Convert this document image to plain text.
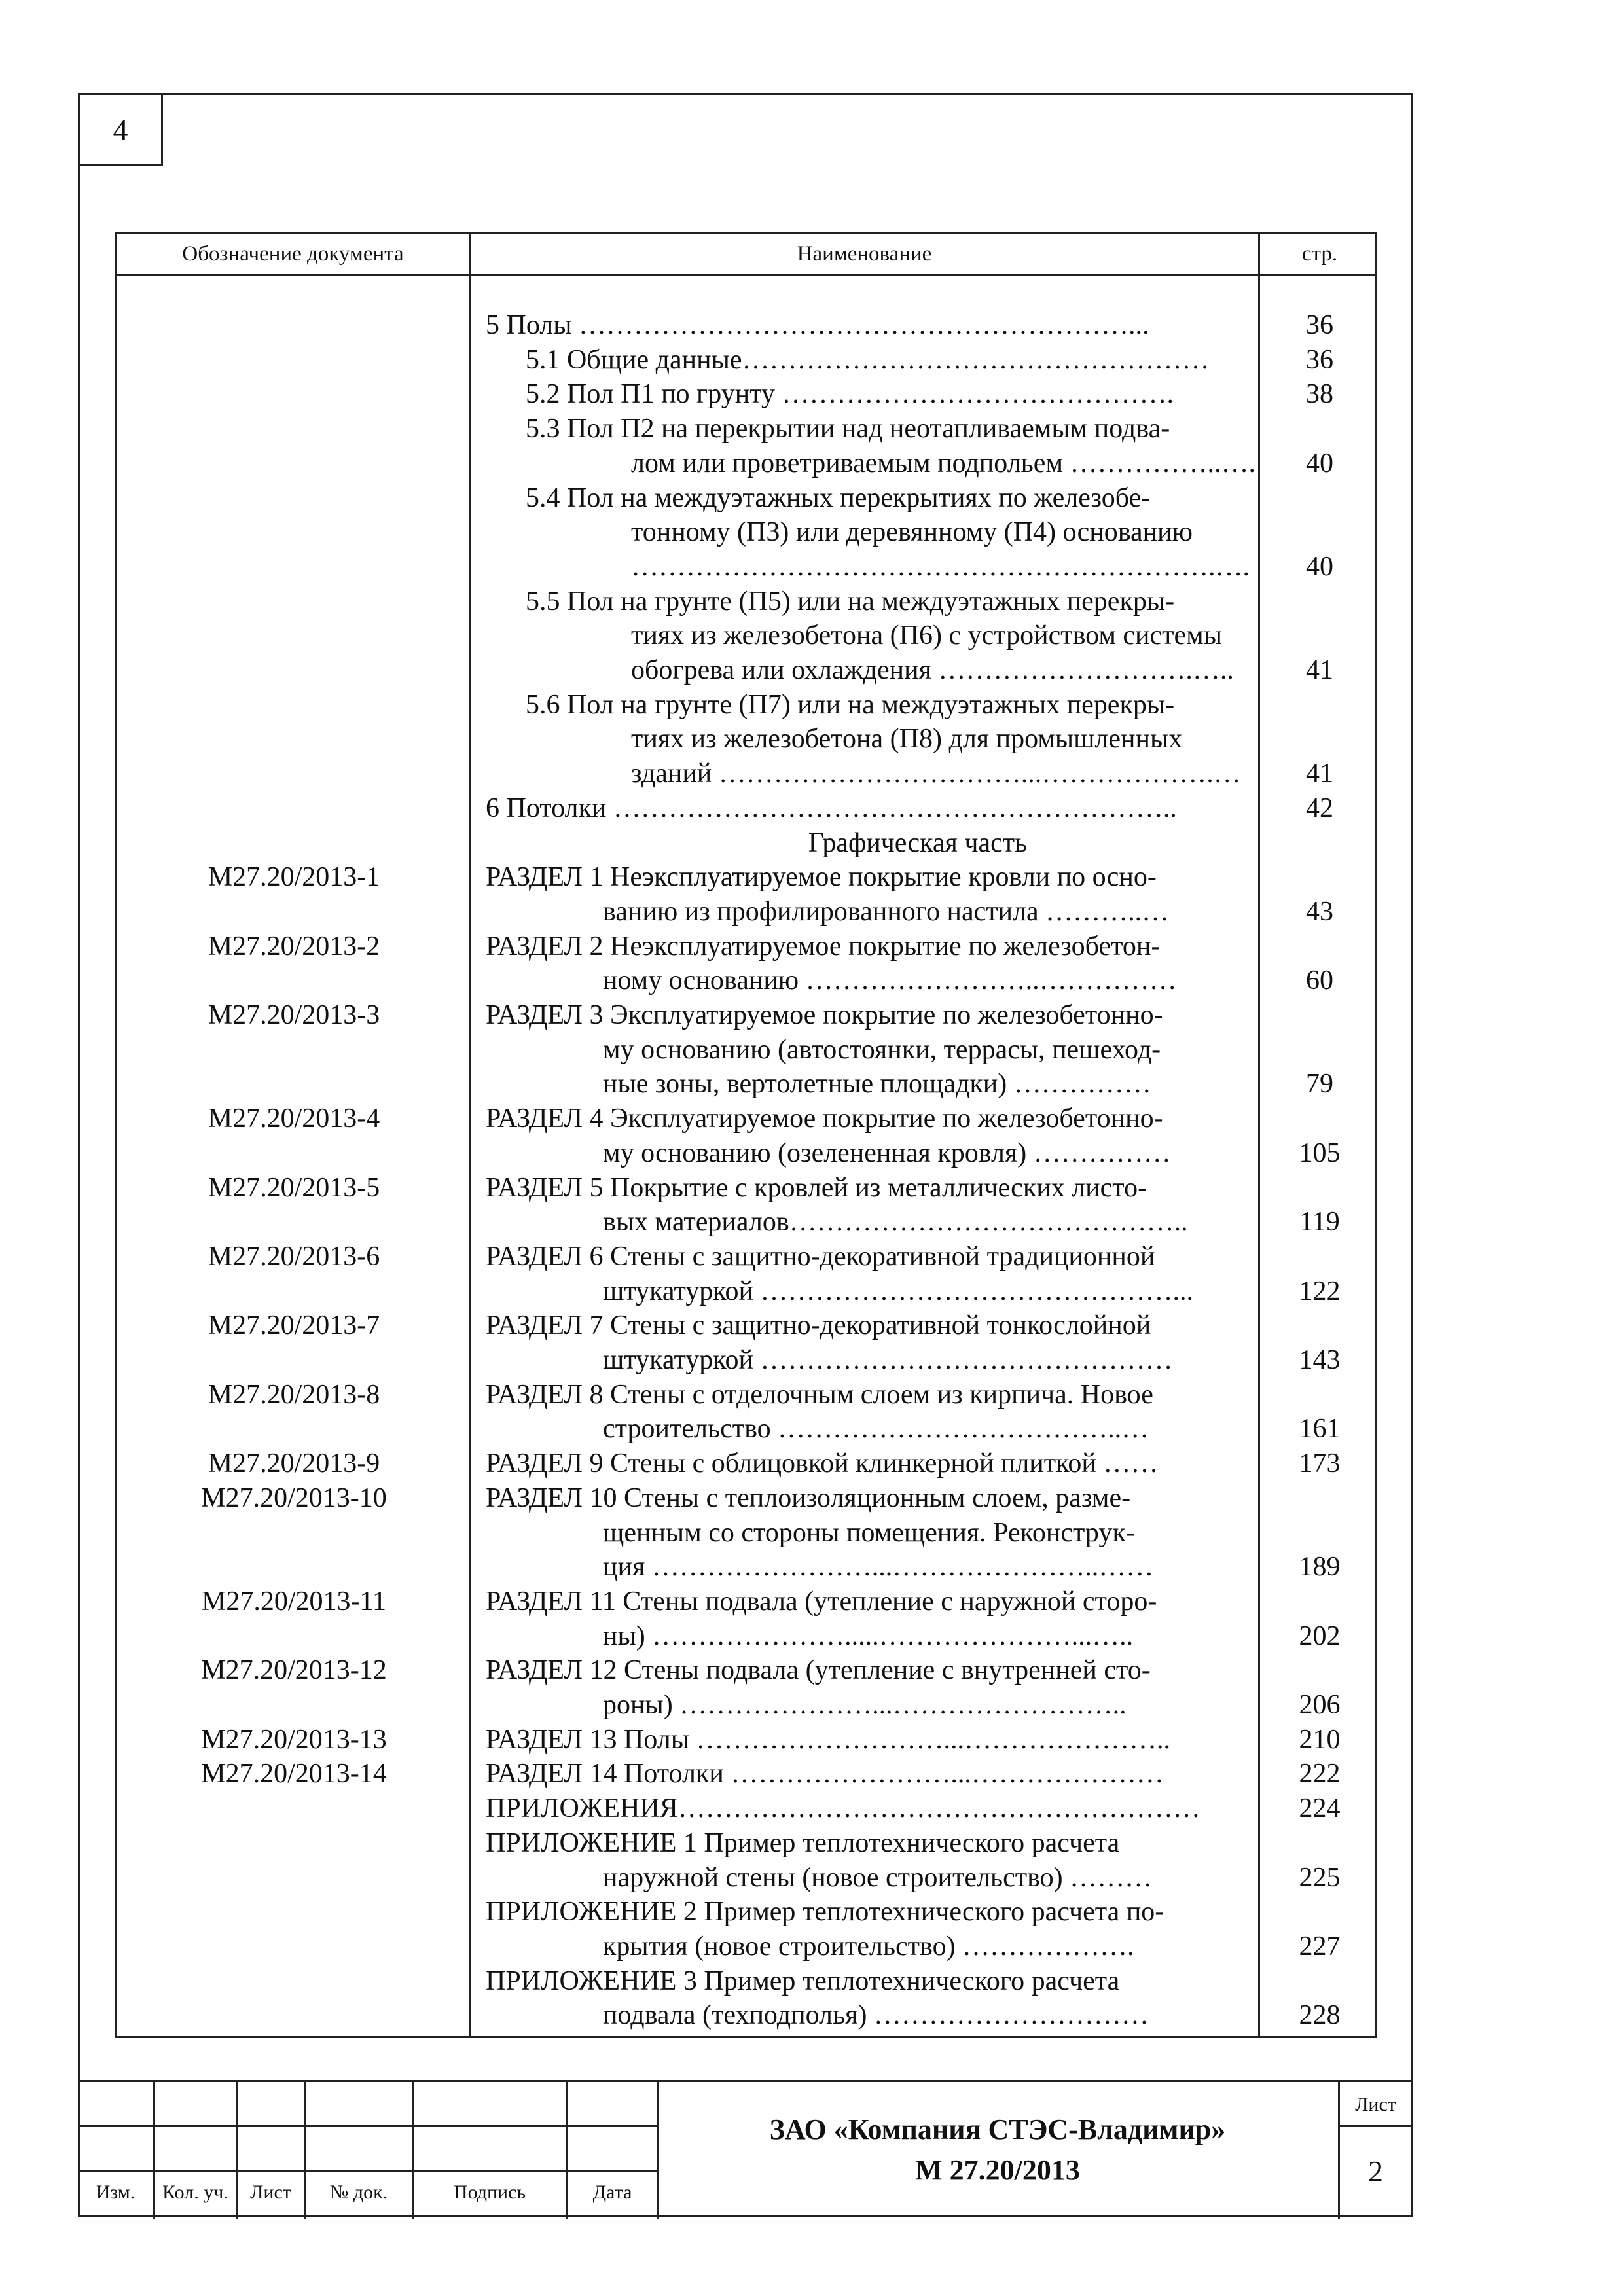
4
Обозначение документа	Наименование	стр.
5 Полы ……………………………………………………...	36
5.1 Общие данные……………………………………………	36
5.2 Пол П1 по грунту …………………………………….	38
5.3 Пол П2 на перекрытии над неотапливаемым подва-
лом или проветриваемым подпольем ……………..….	40
5.4 Пол на междуэтажных перекрытиях по железобе-
тонному (П3) или деревянному (П4) основанию
……………………………………………………….….	40
5.5 Пол на грунте (П5) или на междуэтажных перекры-
тиях из железобетона (П6) с устройством системы
обогрева или охлаждения ……………………….…..	41
5.6 Пол на грунте (П7) или на междуэтажных перекры-
тиях из железобетона (П8) для промышленных
зданий ……………………………...……………….…	41
6 Потолки ……………………………………………………..	42
Графическая часть
М27.20/2013-1	РАЗДЕЛ 1 Неэксплуатируемое покрытие кровли по осно-
ванию из профилированного настила ………..…	43
М27.20/2013-2	РАЗДЕЛ 2 Неэксплуатируемое покрытие по железобетон-
ному основанию ……………………..……………	60
М27.20/2013-3	РАЗДЕЛ 3 Эксплуатируемое покрытие по железобетонно-
му основанию (автостоянки, террасы, пешеход-
ные зоны, вертолетные площадки) ……………	79
М27.20/2013-4	РАЗДЕЛ 4 Эксплуатируемое покрытие по железобетонно-
му основанию (озелененная кровля) ……………	105
М27.20/2013-5	РАЗДЕЛ 5 Покрытие с кровлей из металлических листо-
вых материалов……………………………………..	119
М27.20/2013-6	РАЗДЕЛ 6 Стены с защитно-декоративной традиционной
штукатуркой ………………………………………...	122
М27.20/2013-7	РАЗДЕЛ 7 Стены с защитно-декоративной тонкослойной
штукатуркой ………………………………………	143
М27.20/2013-8	РАЗДЕЛ 8 Стены с отделочным слоем из кирпича. Новое
строительство ………………………………..…	161
М27.20/2013-9	РАЗДЕЛ 9 Стены с облицовкой клинкерной плиткой ……	173
М27.20/2013-10	РАЗДЕЛ 10 Стены с теплоизоляционным слоем, разме-
щенным со стороны помещения. Реконструк-
ция ……………………...…………………..……	189
М27.20/2013-11	РАЗДЕЛ 11 Стены подвала (утепление с наружной сторо-
ны) ………………….....…………………...…..	202
М27.20/2013-12	РАЗДЕЛ 12 Стены подвала (утепление с внутренней сто-
роны) …………………...……………………..	206
М27.20/2013-13	РАЗДЕЛ 13 Полы ………………………...…………………..	210
М27.20/2013-14	РАЗДЕЛ 14 Потолки ……………………...…………………	222
ПРИЛОЖЕНИЯ…………………………………………………	224
ПРИЛОЖЕНИЕ 1 Пример теплотехнического расчета
наружной стены (новое строительство) ………	225
ПРИЛОЖЕНИЕ 2 Пример теплотехнического расчета по-
крытия (новое строительство) ……………….	227
ПРИЛОЖЕНИЕ 3 Пример теплотехнического расчета
подвала (техподполья) …………………………	228
Изм.	Кол. уч.	Лист	№ док.	Подпись	Дата
ЗАО «Компания СТЭС-Владимир»
М 27.20/2013
Лист
2
